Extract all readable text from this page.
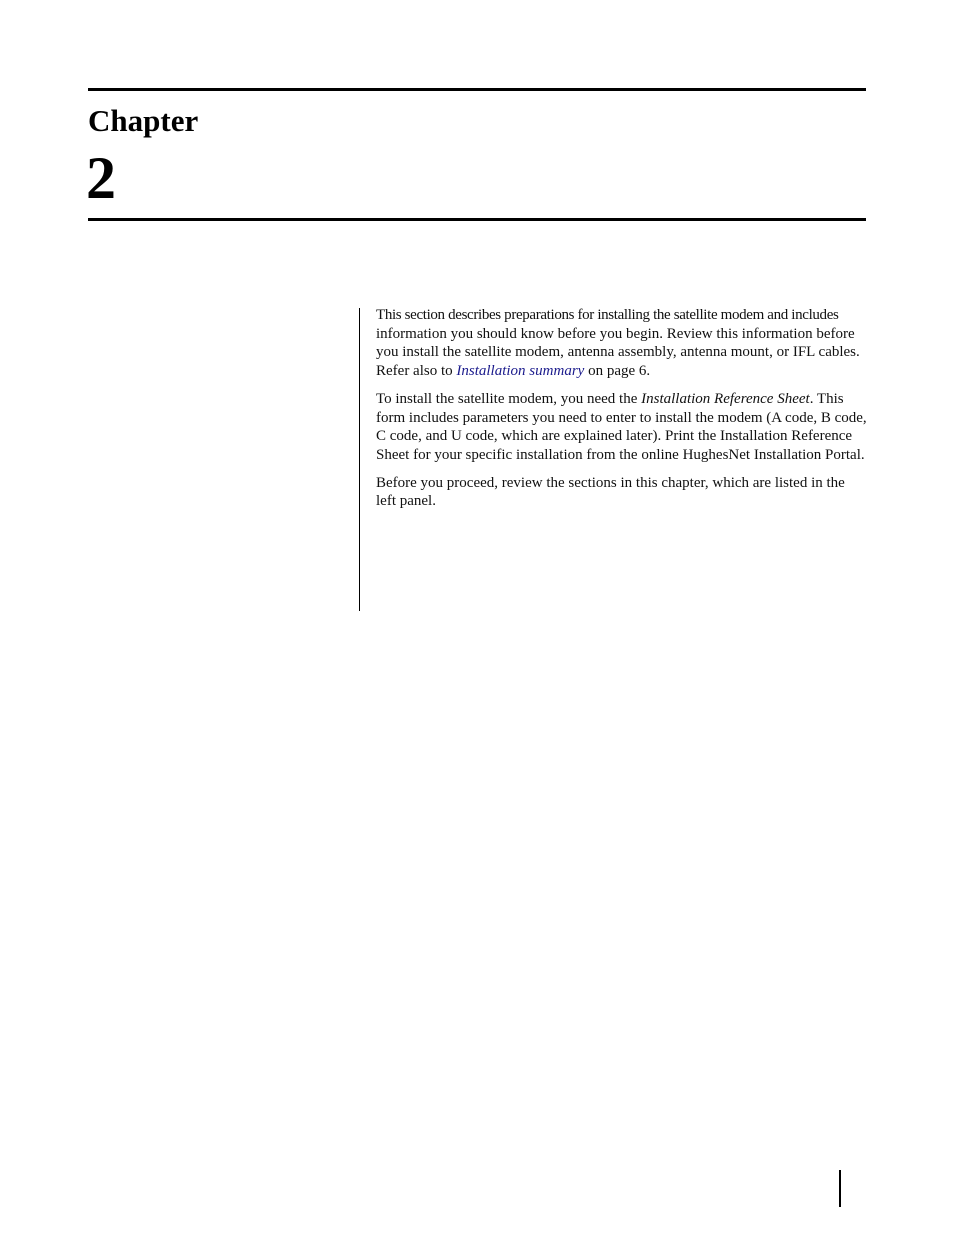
Chapter
2

This section describes preparations for installing the satellite modem and includes information you should know before you begin. Review this information before you install the satellite modem, antenna assembly, antenna mount, or IFL cables. Refer also to Installation summary on page 6.

To install the satellite modem, you need the Installation Reference Sheet. This form includes parameters you need to enter to install the modem (A code, B code, C code, and U code, which are explained later). Print the Installation Reference Sheet for your specific installation from the online HughesNet Installation Portal.

Before you proceed, review the sections in this chapter, which are listed in the left panel.
